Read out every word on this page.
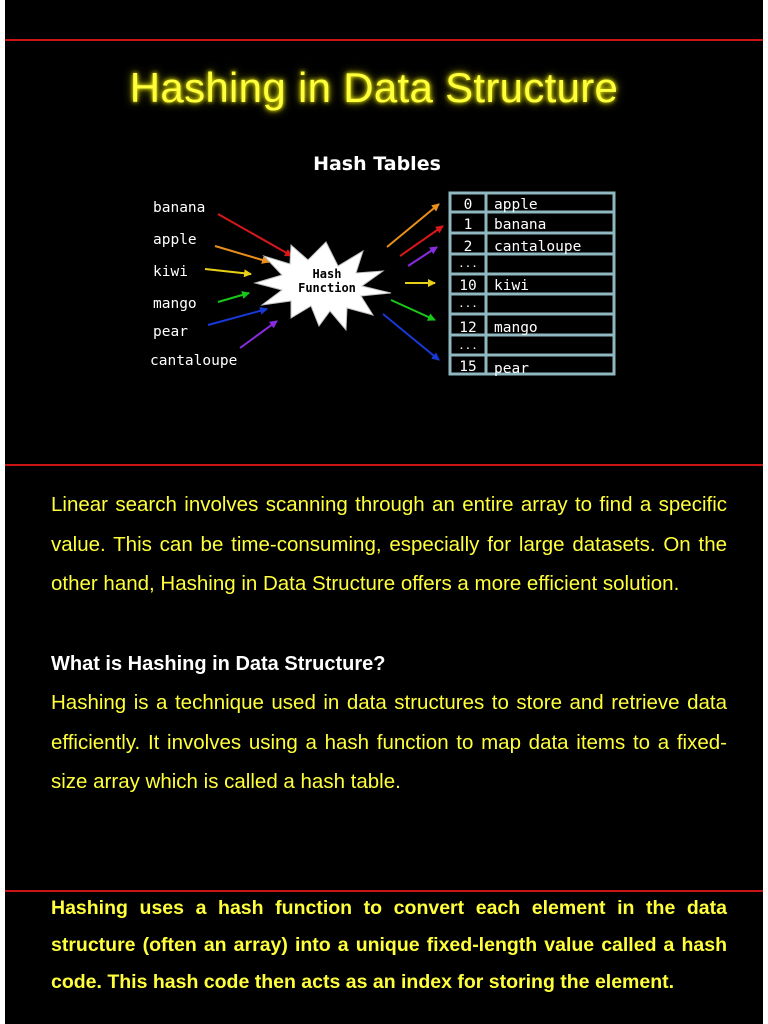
Hashing in Data Structure
Hash Tables
banana
apple
kiwi
mango
pear
cantaloupe
Hash
Function
0 apple
1 banana
2 cantaloupe
...
10 kiwi
...
12 mango
...
15 pear
Linear search involves scanning through an entire array to find a specific value. This can be time-consuming, especially for large datasets. On the other hand, Hashing in Data Structure offers a more efficient solution.
What is Hashing in Data Structure?
Hashing is a technique used in data structures to store and retrieve data efficiently. It involves using a hash function to map data items to a fixed-size array which is called a hash table.
Hashing uses a hash function to convert each element in the data structure (often an array) into a unique fixed-length value called a hash code. This hash code then acts as an index for storing the element.
